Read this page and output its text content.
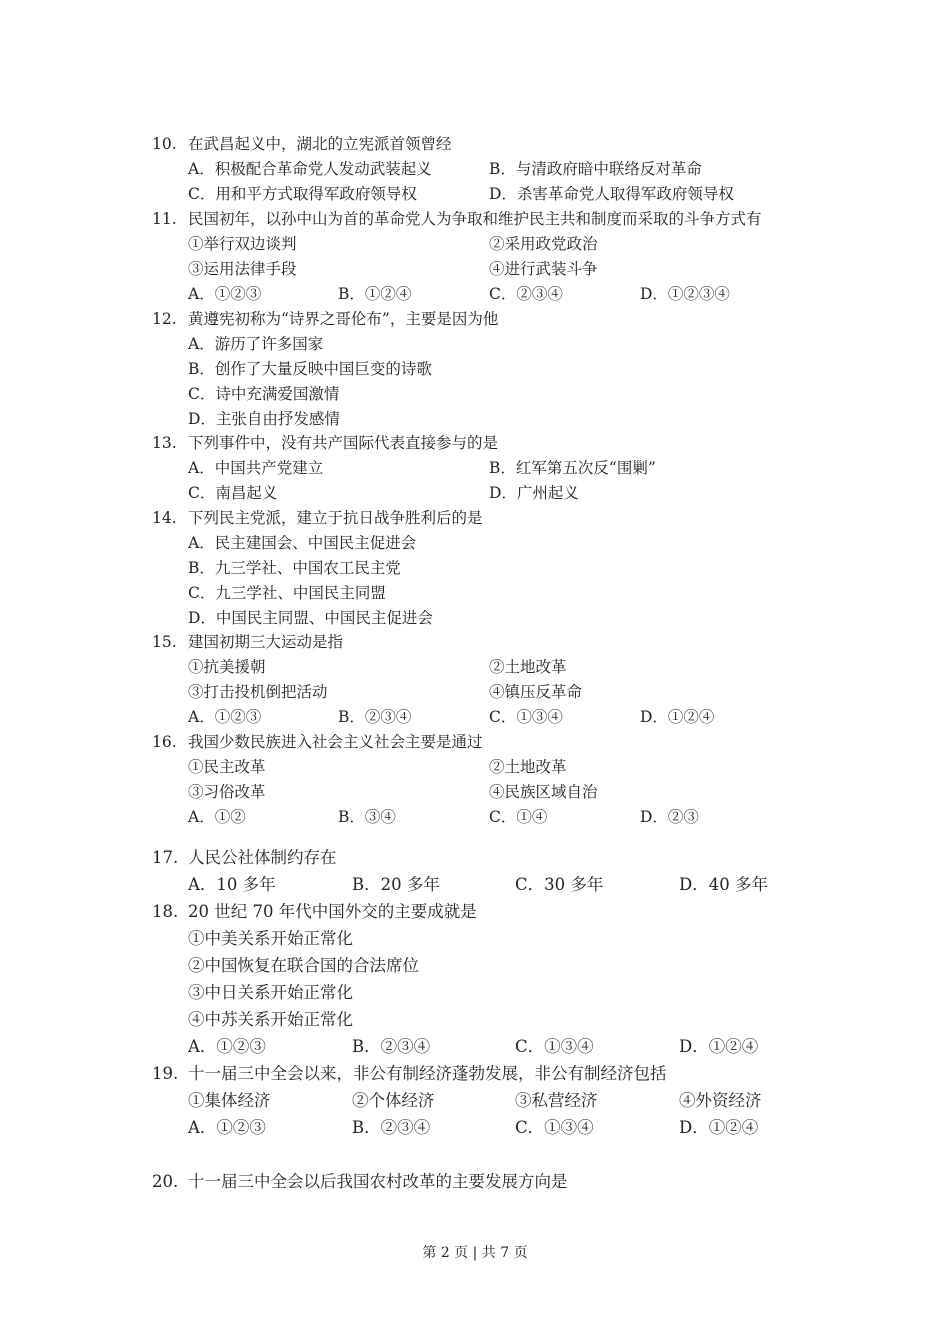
10. 在武昌起义中，湖北的立宪派首领曾经
A．积极配合革命党人发动武装起义	B．与清政府暗中联络反对革命
C．用和平方式取得军政府领导权	D．杀害革命党人取得军政府领导权
11. 民国初年，以孙中山为首的革命党人为争取和维护民主共和制度而采取的斗争方式有
①举行双边谈判	②采用政党政治
③运用法律手段	④进行武装斗争
A．①②③	B．①②④	C．②③④	D．①②③④
12. 黄遵宪初称为“诗界之哥伦布”，主要是因为他
A．游历了许多国家
B．创作了大量反映中国巨变的诗歌
C．诗中充满爱国激情
D．主张自由抒发感情
13. 下列事件中，没有共产国际代表直接参与的是
A．中国共产党建立	B．红军第五次反“围剿”
C．南昌起义	D．广州起义
14. 下列民主党派，建立于抗日战争胜利后的是
A．民主建国会、中国民主促进会
B．九三学社、中国农工民主党
C．九三学社、中国民主同盟
D．中国民主同盟、中国民主促进会
15. 建国初期三大运动是指
①抗美援朝	②土地改革
③打击投机倒把活动	④镇压反革命
A．①②③	B．②③④	C．①③④	D．①②④
16. 我国少数民族进入社会主义社会主要是通过
①民主改革	②土地改革
③习俗改革	④民族区域自治
A．①②	B．③④	C．①④	D．②③
17. 人民公社体制约存在
A．10 多年	B．20 多年	C．30 多年	D．40 多年
18. 20 世纪 70 年代中国外交的主要成就是
①中美关系开始正常化
②中国恢复在联合国的合法席位
③中日关系开始正常化
④中苏关系开始正常化
A．①②③	B．②③④	C．①③④	D．①②④
19. 十一届三中全会以来，非公有制经济蓬勃发展，非公有制经济包括
①集体经济	②个体经济	③私营经济	④外资经济
A．①②③	B．②③④	C．①③④	D．①②④
20. 十一届三中全会以后我国农村改革的主要发展方向是
第 2 页 | 共 7 页
